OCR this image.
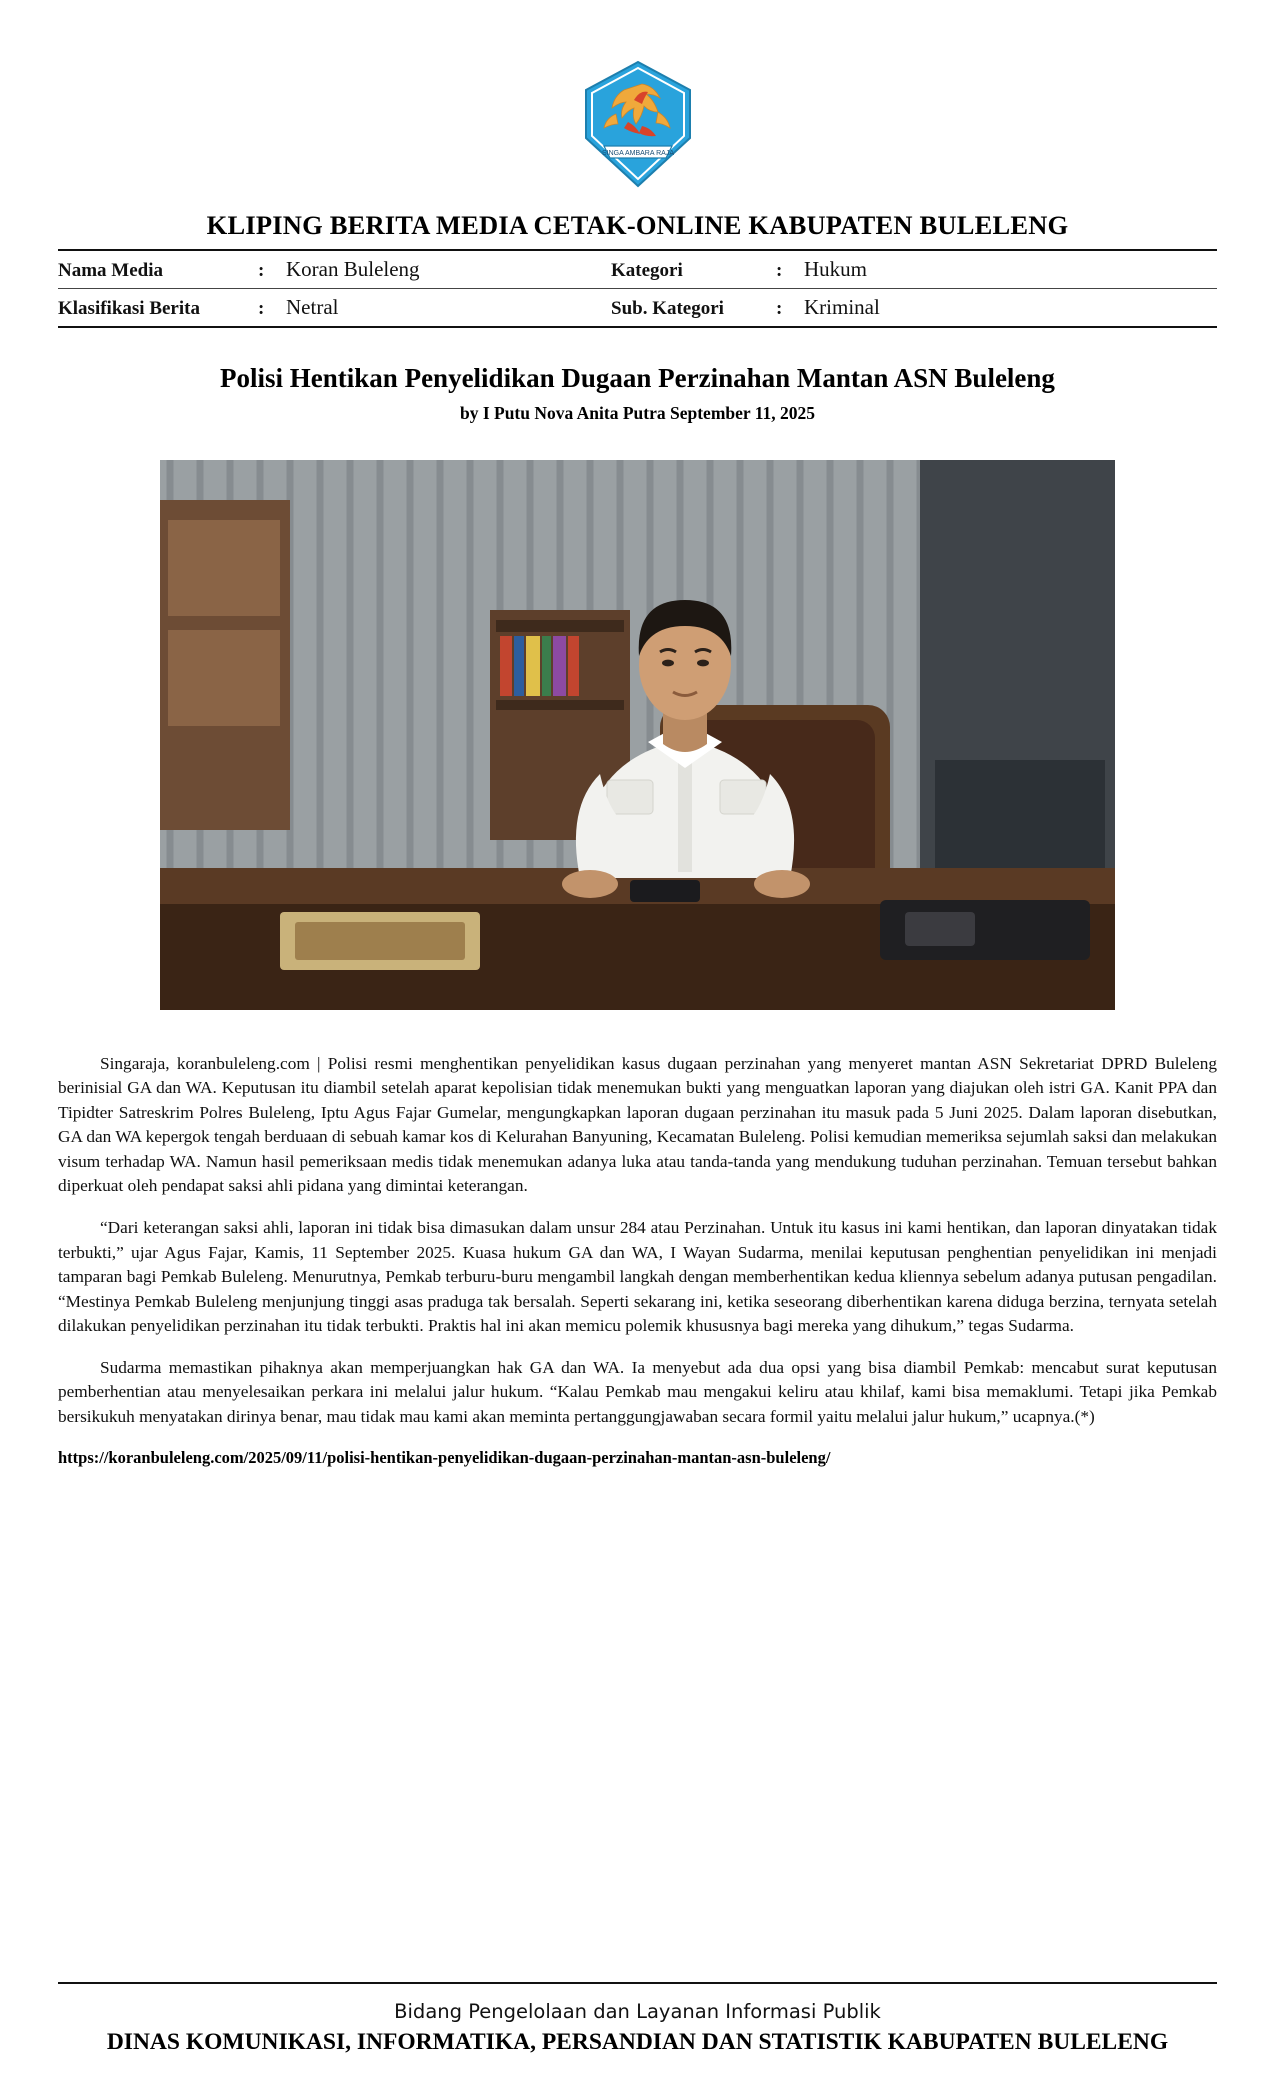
SINGA AMBARA RAJA
KLIPING BERITA MEDIA CETAK-ONLINE KABUPATEN BULELENG
Nama Media	:	Koran Buleleng	Kategori	:	Hukum

Klasifikasi Berita	:	Netral	Sub. Kategori	:	Kriminal
Polisi Hentikan Penyelidikan Dugaan Perzinahan Mantan ASN Buleleng
by I Putu Nova Anita Putra September 11, 2025

Singaraja, koranbuleleng.com | Polisi resmi menghentikan penyelidikan kasus dugaan perzinahan yang menyeret mantan ASN Sekretariat DPRD Buleleng berinisial GA dan WA. Keputusan itu diambil setelah aparat kepolisian tidak menemukan bukti yang menguatkan laporan yang diajukan oleh istri GA. Kanit PPA dan Tipidter Satreskrim Polres Buleleng, Iptu Agus Fajar Gumelar, mengungkapkan laporan dugaan perzinahan itu masuk pada 5 Juni 2025. Dalam laporan disebutkan, GA dan WA kepergok tengah berduaan di sebuah kamar kos di Kelurahan Banyuning, Kecamatan Buleleng. Polisi kemudian memeriksa sejumlah saksi dan melakukan visum terhadap WA. Namun hasil pemeriksaan medis tidak menemukan adanya luka atau tanda-tanda yang mendukung tuduhan perzinahan. Temuan tersebut bahkan diperkuat oleh pendapat saksi ahli pidana yang dimintai keterangan.

“Dari keterangan saksi ahli, laporan ini tidak bisa dimasukan dalam unsur 284 atau Perzinahan. Untuk itu kasus ini kami hentikan, dan laporan dinyatakan tidak terbukti,” ujar Agus Fajar, Kamis, 11 September 2025. Kuasa hukum GA dan WA, I Wayan Sudarma, menilai keputusan penghentian penyelidikan ini menjadi tamparan bagi Pemkab Buleleng. Menurutnya, Pemkab terburu-buru mengambil langkah dengan memberhentikan kedua kliennya sebelum adanya putusan pengadilan. “Mestinya Pemkab Buleleng menjunjung tinggi asas praduga tak bersalah. Seperti sekarang ini, ketika seseorang diberhentikan karena diduga berzina, ternyata setelah dilakukan penyelidikan perzinahan itu tidak terbukti. Praktis hal ini akan memicu polemik khususnya bagi mereka yang dihukum,” tegas Sudarma.

Sudarma memastikan pihaknya akan memperjuangkan hak GA dan WA. Ia menyebut ada dua opsi yang bisa diambil Pemkab: mencabut surat keputusan pemberhentian atau menyelesaikan perkara ini melalui jalur hukum. “Kalau Pemkab mau mengakui keliru atau khilaf, kami bisa memaklumi. Tetapi jika Pemkab bersikukuh menyatakan dirinya benar, mau tidak mau kami akan meminta pertanggungjawaban secara formil yaitu melalui jalur hukum,” ucapnya.(*)

https://koranbuleleng.com/2025/09/11/polisi-hentikan-penyelidikan-dugaan-perzinahan-mantan-asn-buleleng/
Bidang Pengelolaan dan Layanan Informasi Publik
DINAS KOMUNIKASI, INFORMATIKA, PERSANDIAN DAN STATISTIK KABUPATEN BULELENG
